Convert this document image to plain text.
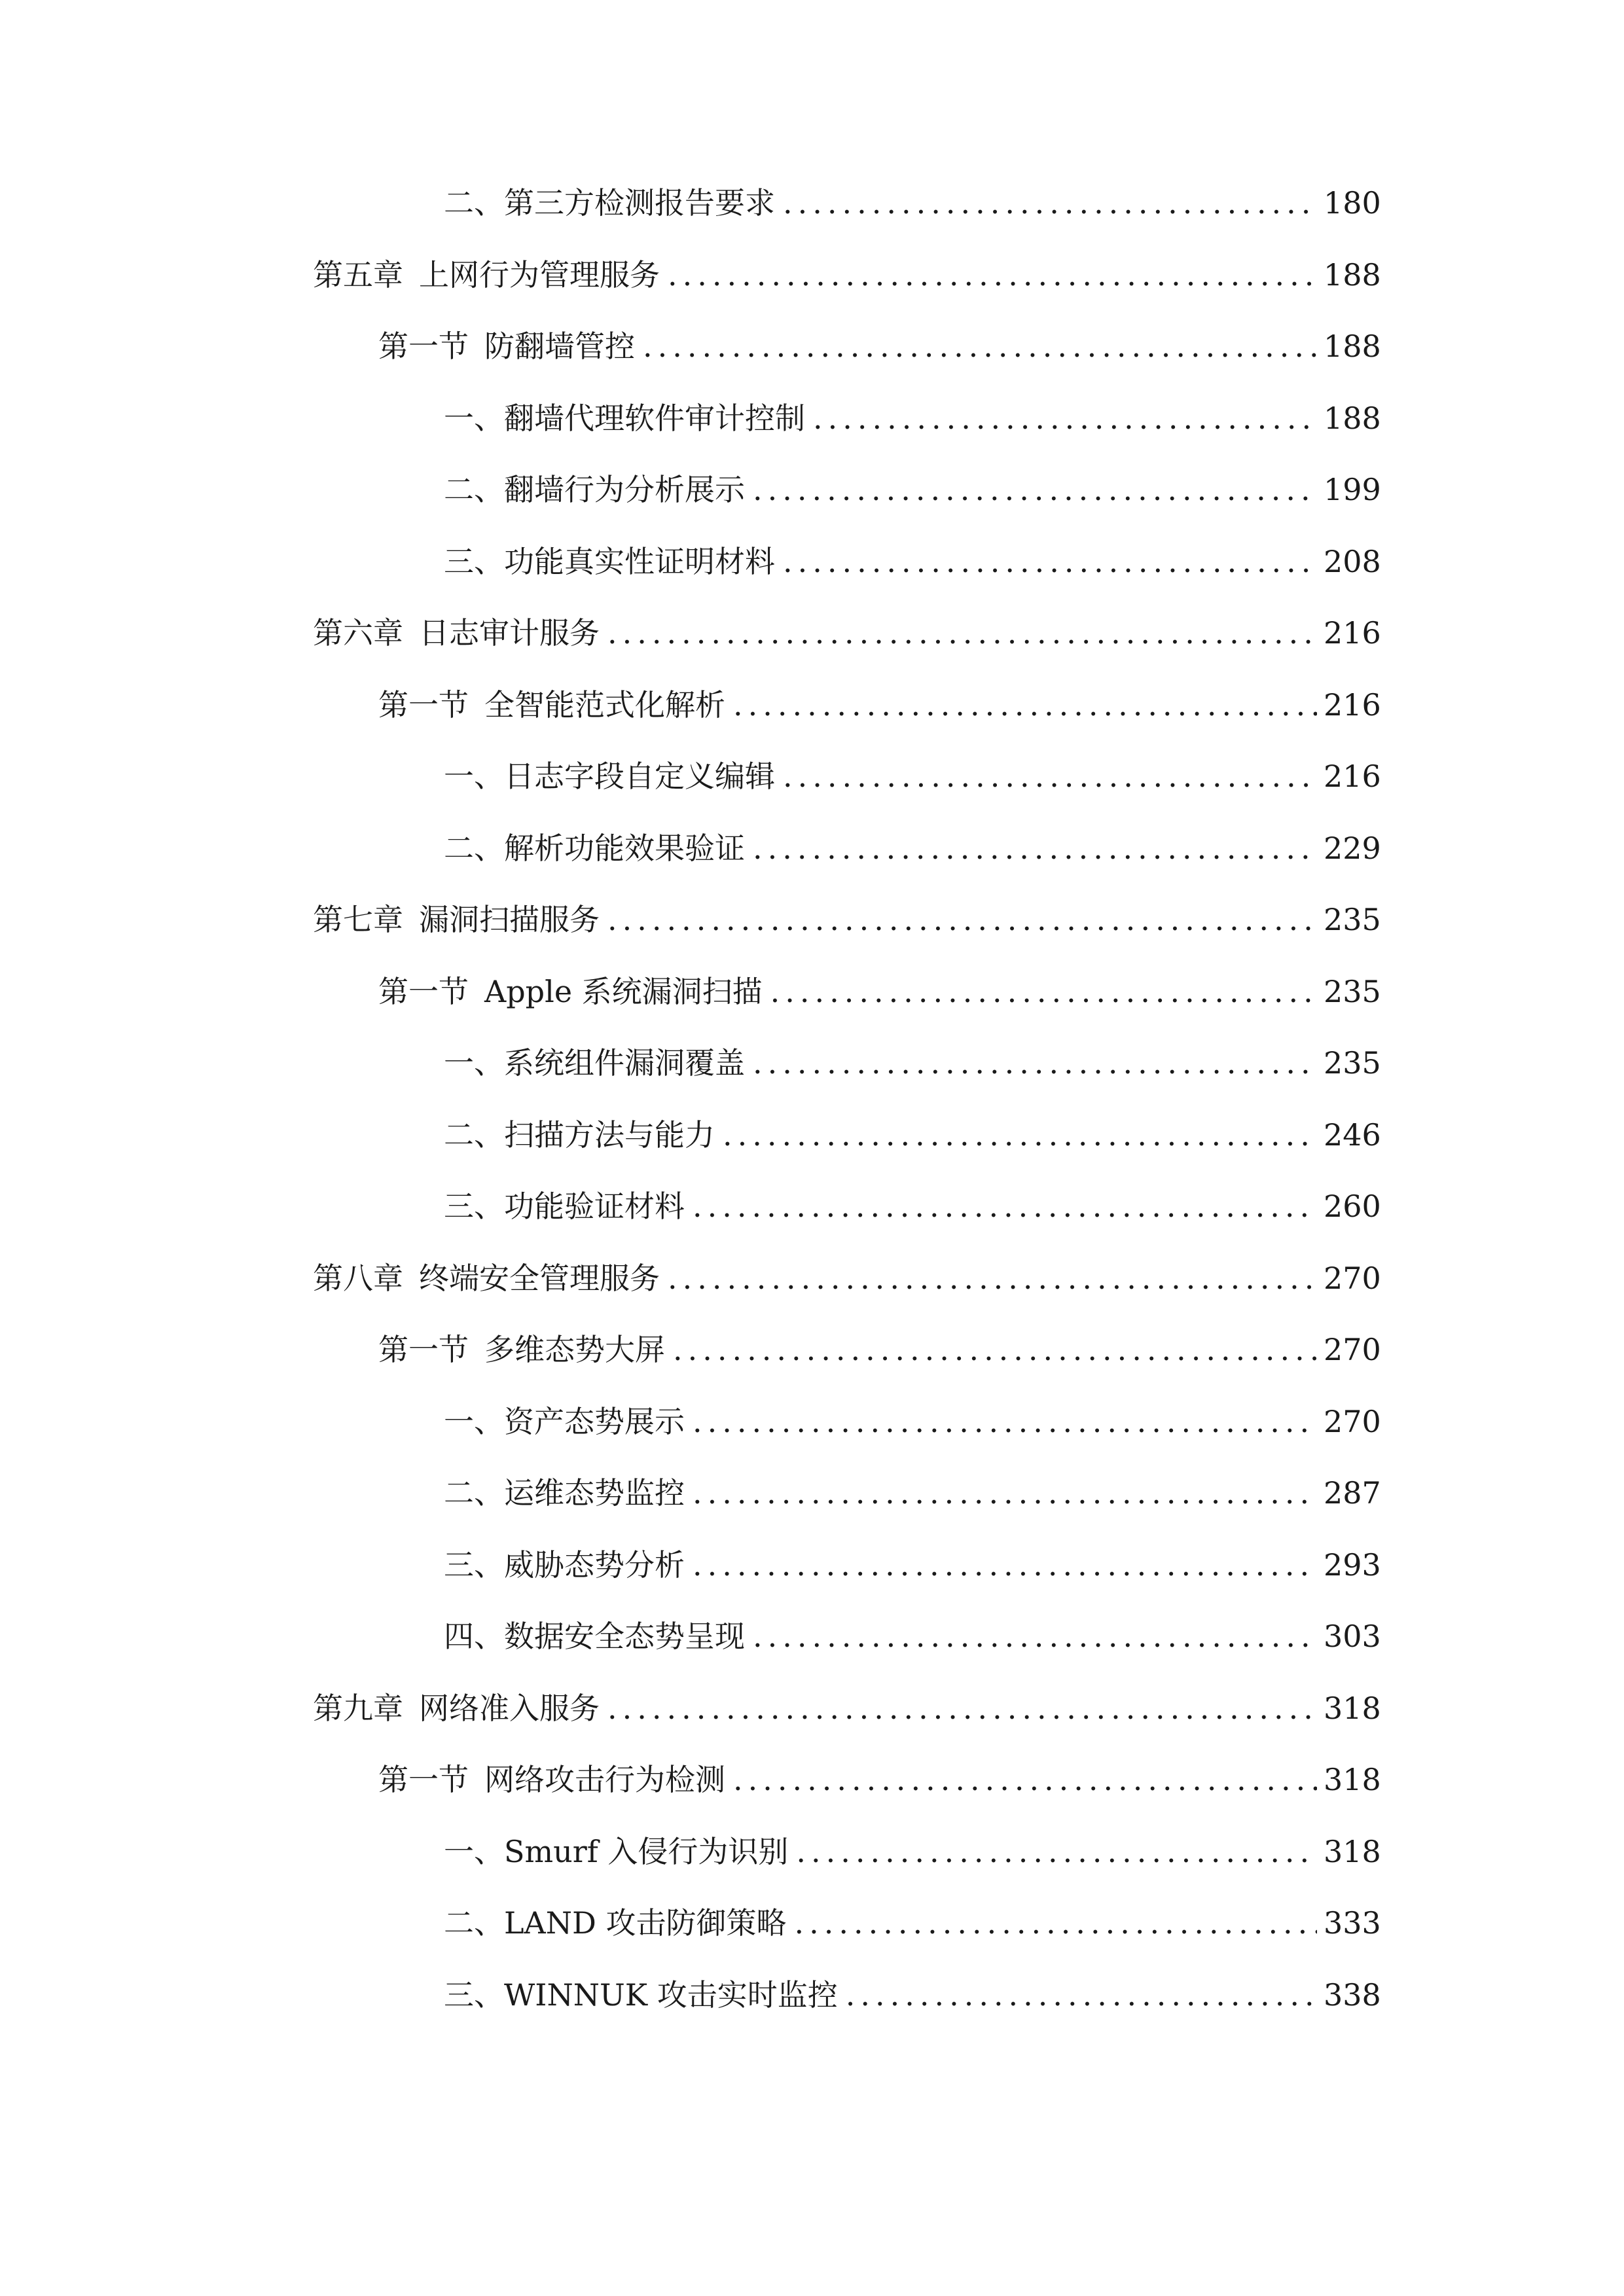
二、 第三方检测报告要求 .....	180
第五章 上网行为管理服务 .....	188
第一节 防翻墙管控 .....	188
一、 翻墙代理软件审计控制 .....	188
二、 翻墙行为分析展示 .....	199
三、 功能真实性证明材料 .....	208
第六章 日志审计服务 .....	216
第一节 全智能范式化解析 .....	216
一、 日志字段自定义编辑 .....	216
二、 解析功能效果验证 .....	229
第七章 漏洞扫描服务 .....	235
第一节 Apple 系统漏洞扫描 .....	235
一、 系统组件漏洞覆盖 .....	235
二、 扫描方法与能力 .....	246
三、 功能验证材料 .....	260
第八章 终端安全管理服务 .....	270
第一节 多维态势大屏 .....	270
一、 资产态势展示 .....	270
二、 运维态势监控 .....	287
三、 威胁态势分析 .....	293
四、 数据安全态势呈现 .....	303
第九章 网络准入服务 .....	318
第一节 网络攻击行为检测 .....	318
一、 Smurf 入侵行为识别 .....	318
二、 LAND 攻击防御策略 .....	333
三、 WINNUK 攻击实时监控 .....	338
